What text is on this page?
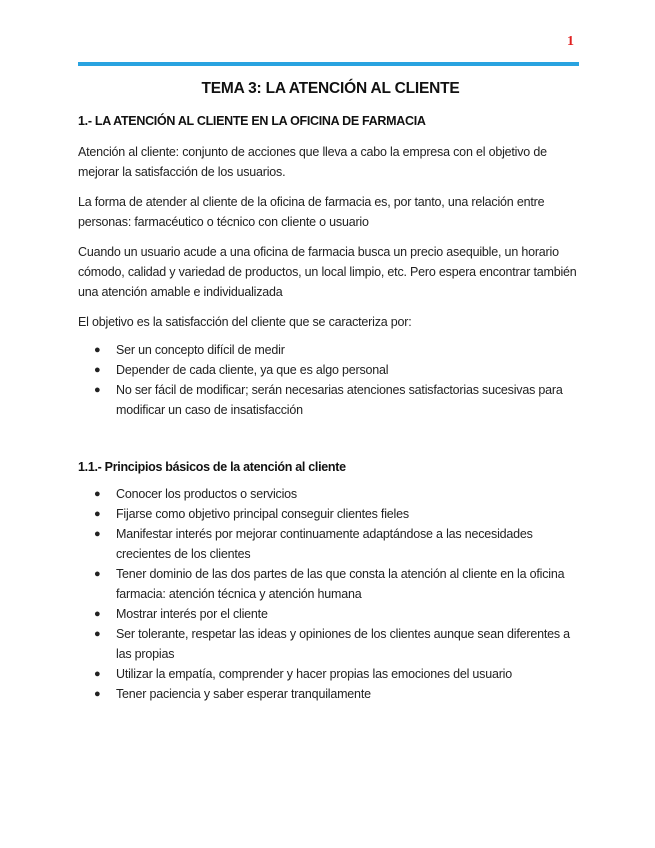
1
TEMA 3: LA ATENCIÓN AL CLIENTE
1.- LA ATENCIÓN AL CLIENTE EN LA OFICINA DE FARMACIA

Atención al cliente: conjunto de acciones que lleva a cabo la empresa con el objetivo de mejorar la satisfacción de los usuarios.

La forma de atender al cliente de la oficina de farmacia es, por tanto, una relación entre personas: farmacéutico o técnico con cliente o usuario

Cuando un usuario acude a una oficina de farmacia busca un precio asequible, un horario cómodo, calidad y variedad de productos, un local limpio, etc. Pero espera encontrar también una atención amable e individualizada

El objetivo es la satisfacción del cliente que se caracteriza por:

● Ser un concepto difícil de medir
● Depender de cada cliente, ya que es algo personal
● No ser fácil de modificar; serán necesarias atenciones satisfactorias sucesivas para modificar un caso de insatisfacción
1.1.- Principios básicos de la atención al cliente
● Conocer los productos o servicios
● Fijarse como objetivo principal conseguir clientes fieles
● Manifestar interés por mejorar continuamente adaptándose a las necesidades crecientes de los clientes
● Tener dominio de las dos partes de las que consta la atención al cliente en la oficina farmacia: atención técnica y atención humana
● Mostrar interés por el cliente
● Ser tolerante, respetar las ideas y opiniones de los clientes aunque sean diferentes a las propias
● Utilizar la empatía, comprender y hacer propias las emociones del usuario
● Tener paciencia y saber esperar tranquilamente
